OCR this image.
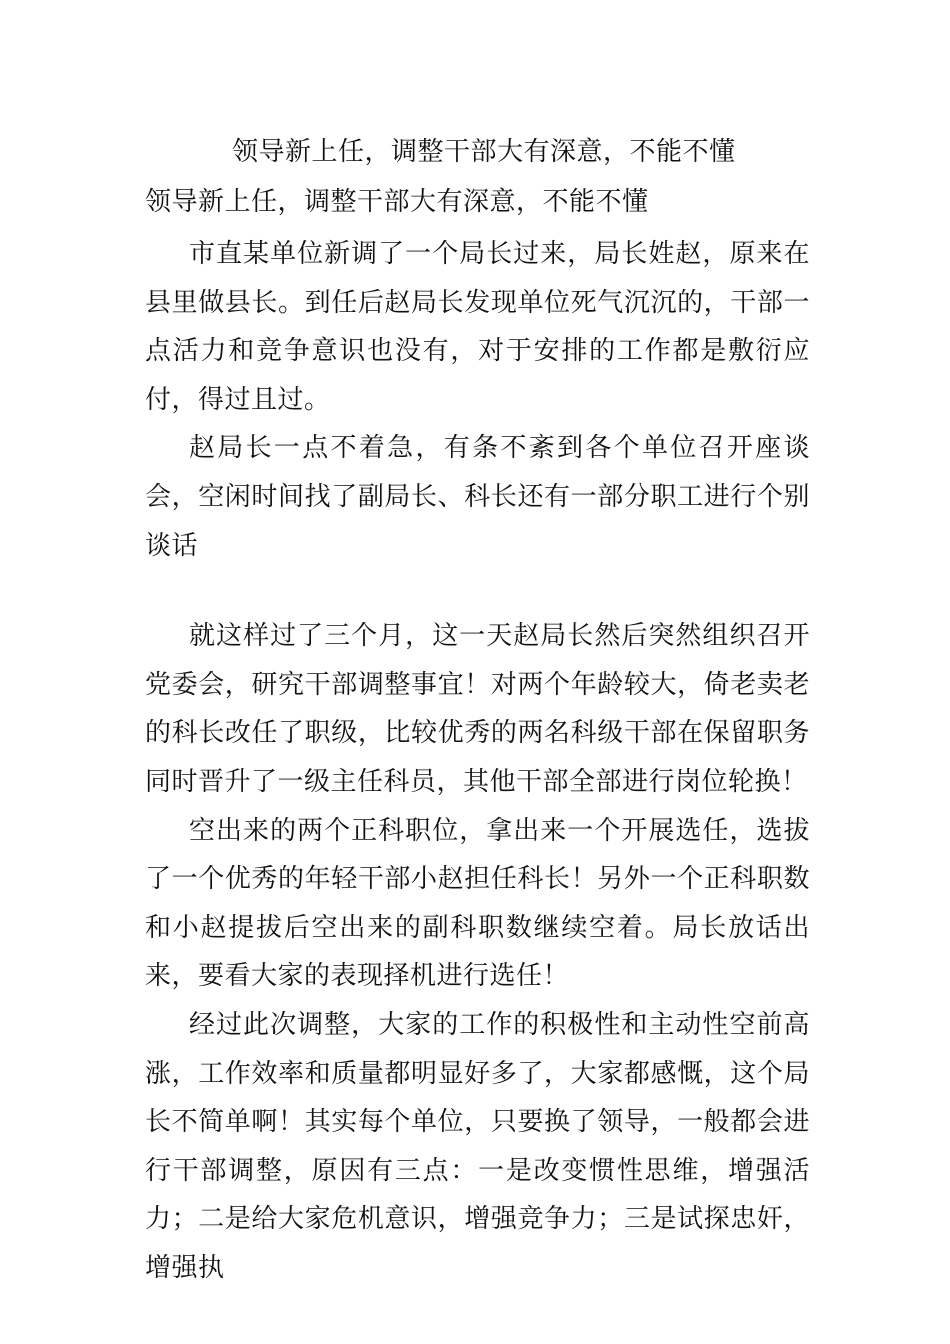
领导新上任，调整干部大有深意，不能不懂
领导新上任，调整干部大有深意，不能不懂

市直某单位新调了一个局长过来，局长姓赵，原来在县里做县长。到任后赵局长发现单位死气沉沉的，干部一点活力和竞争意识也没有，对于安排的工作都是敷衍应付，得过且过。

赵局长一点不着急，有条不紊到各个单位召开座谈会，空闲时间找了副局长、科长还有一部分职工进行个别谈话

就这样过了三个月，这一天赵局长然后突然组织召开党委会，研究干部调整事宜！对两个年龄较大，倚老卖老的科长改任了职级，比较优秀的两名科级干部在保留职务同时晋升了一级主任科员，其他干部全部进行岗位轮换！

空出来的两个正科职位，拿出来一个开展选任，选拔了一个优秀的年轻干部小赵担任科长！另外一个正科职数和小赵提拔后空出来的副科职数继续空着。局长放话出来，要看大家的表现择机进行选任！

经过此次调整，大家的工作的积极性和主动性空前高涨，工作效率和质量都明显好多了，大家都感慨，这个局长不简单啊！其实每个单位，只要换了领导，一般都会进行干部调整，原因有三点：一是改变惯性思维，增强活力；二是给大家危机意识，增强竞争力；三是试探忠奸，增强执
